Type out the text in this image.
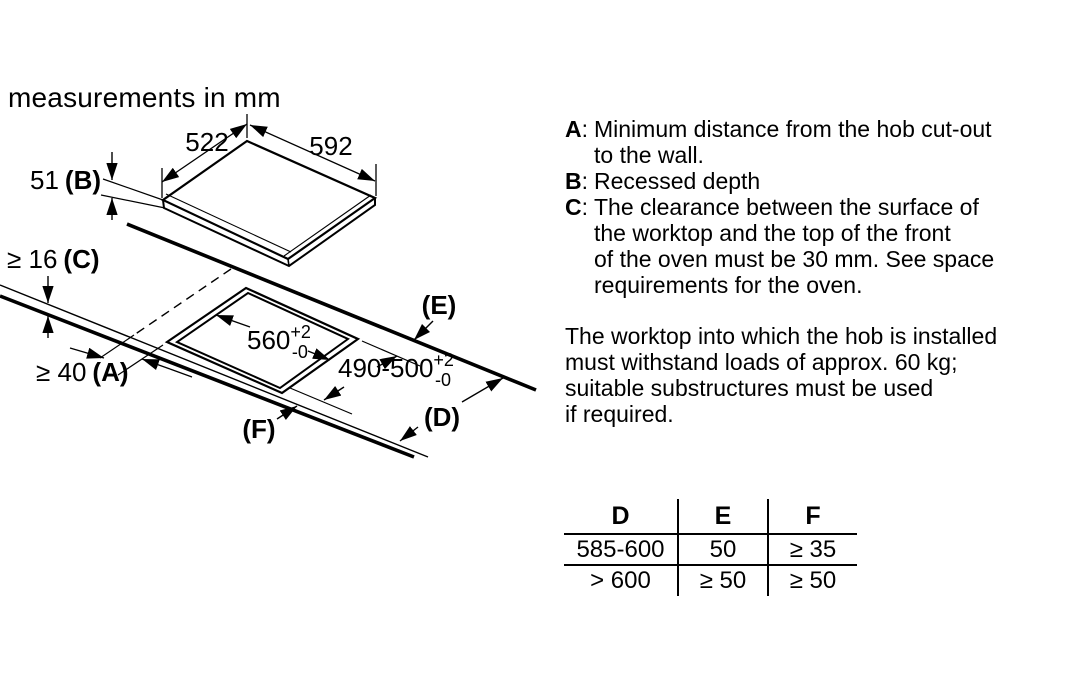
measurements in mm
522	592
51 (B)
≥ 16 (C)
≥ 40 (A)
$560^{+2}$ -0
$490-500^{+2}$ -0
(E)
(D)
(F)
A: Minimum distance from the hob cut-out
to the wall.
B: Recessed depth
C: The clearance between the surface of
the worktop and the top of the front
of the oven must be 30 mm. See space
requirements for the oven.
The worktop into which the hob is installed
must withstand loads of approx. 60 kg;
suitable substructures must be used
if required.
D	E	F
585-600	50	≥ 35
> 600	≥ 50	≥ 50
